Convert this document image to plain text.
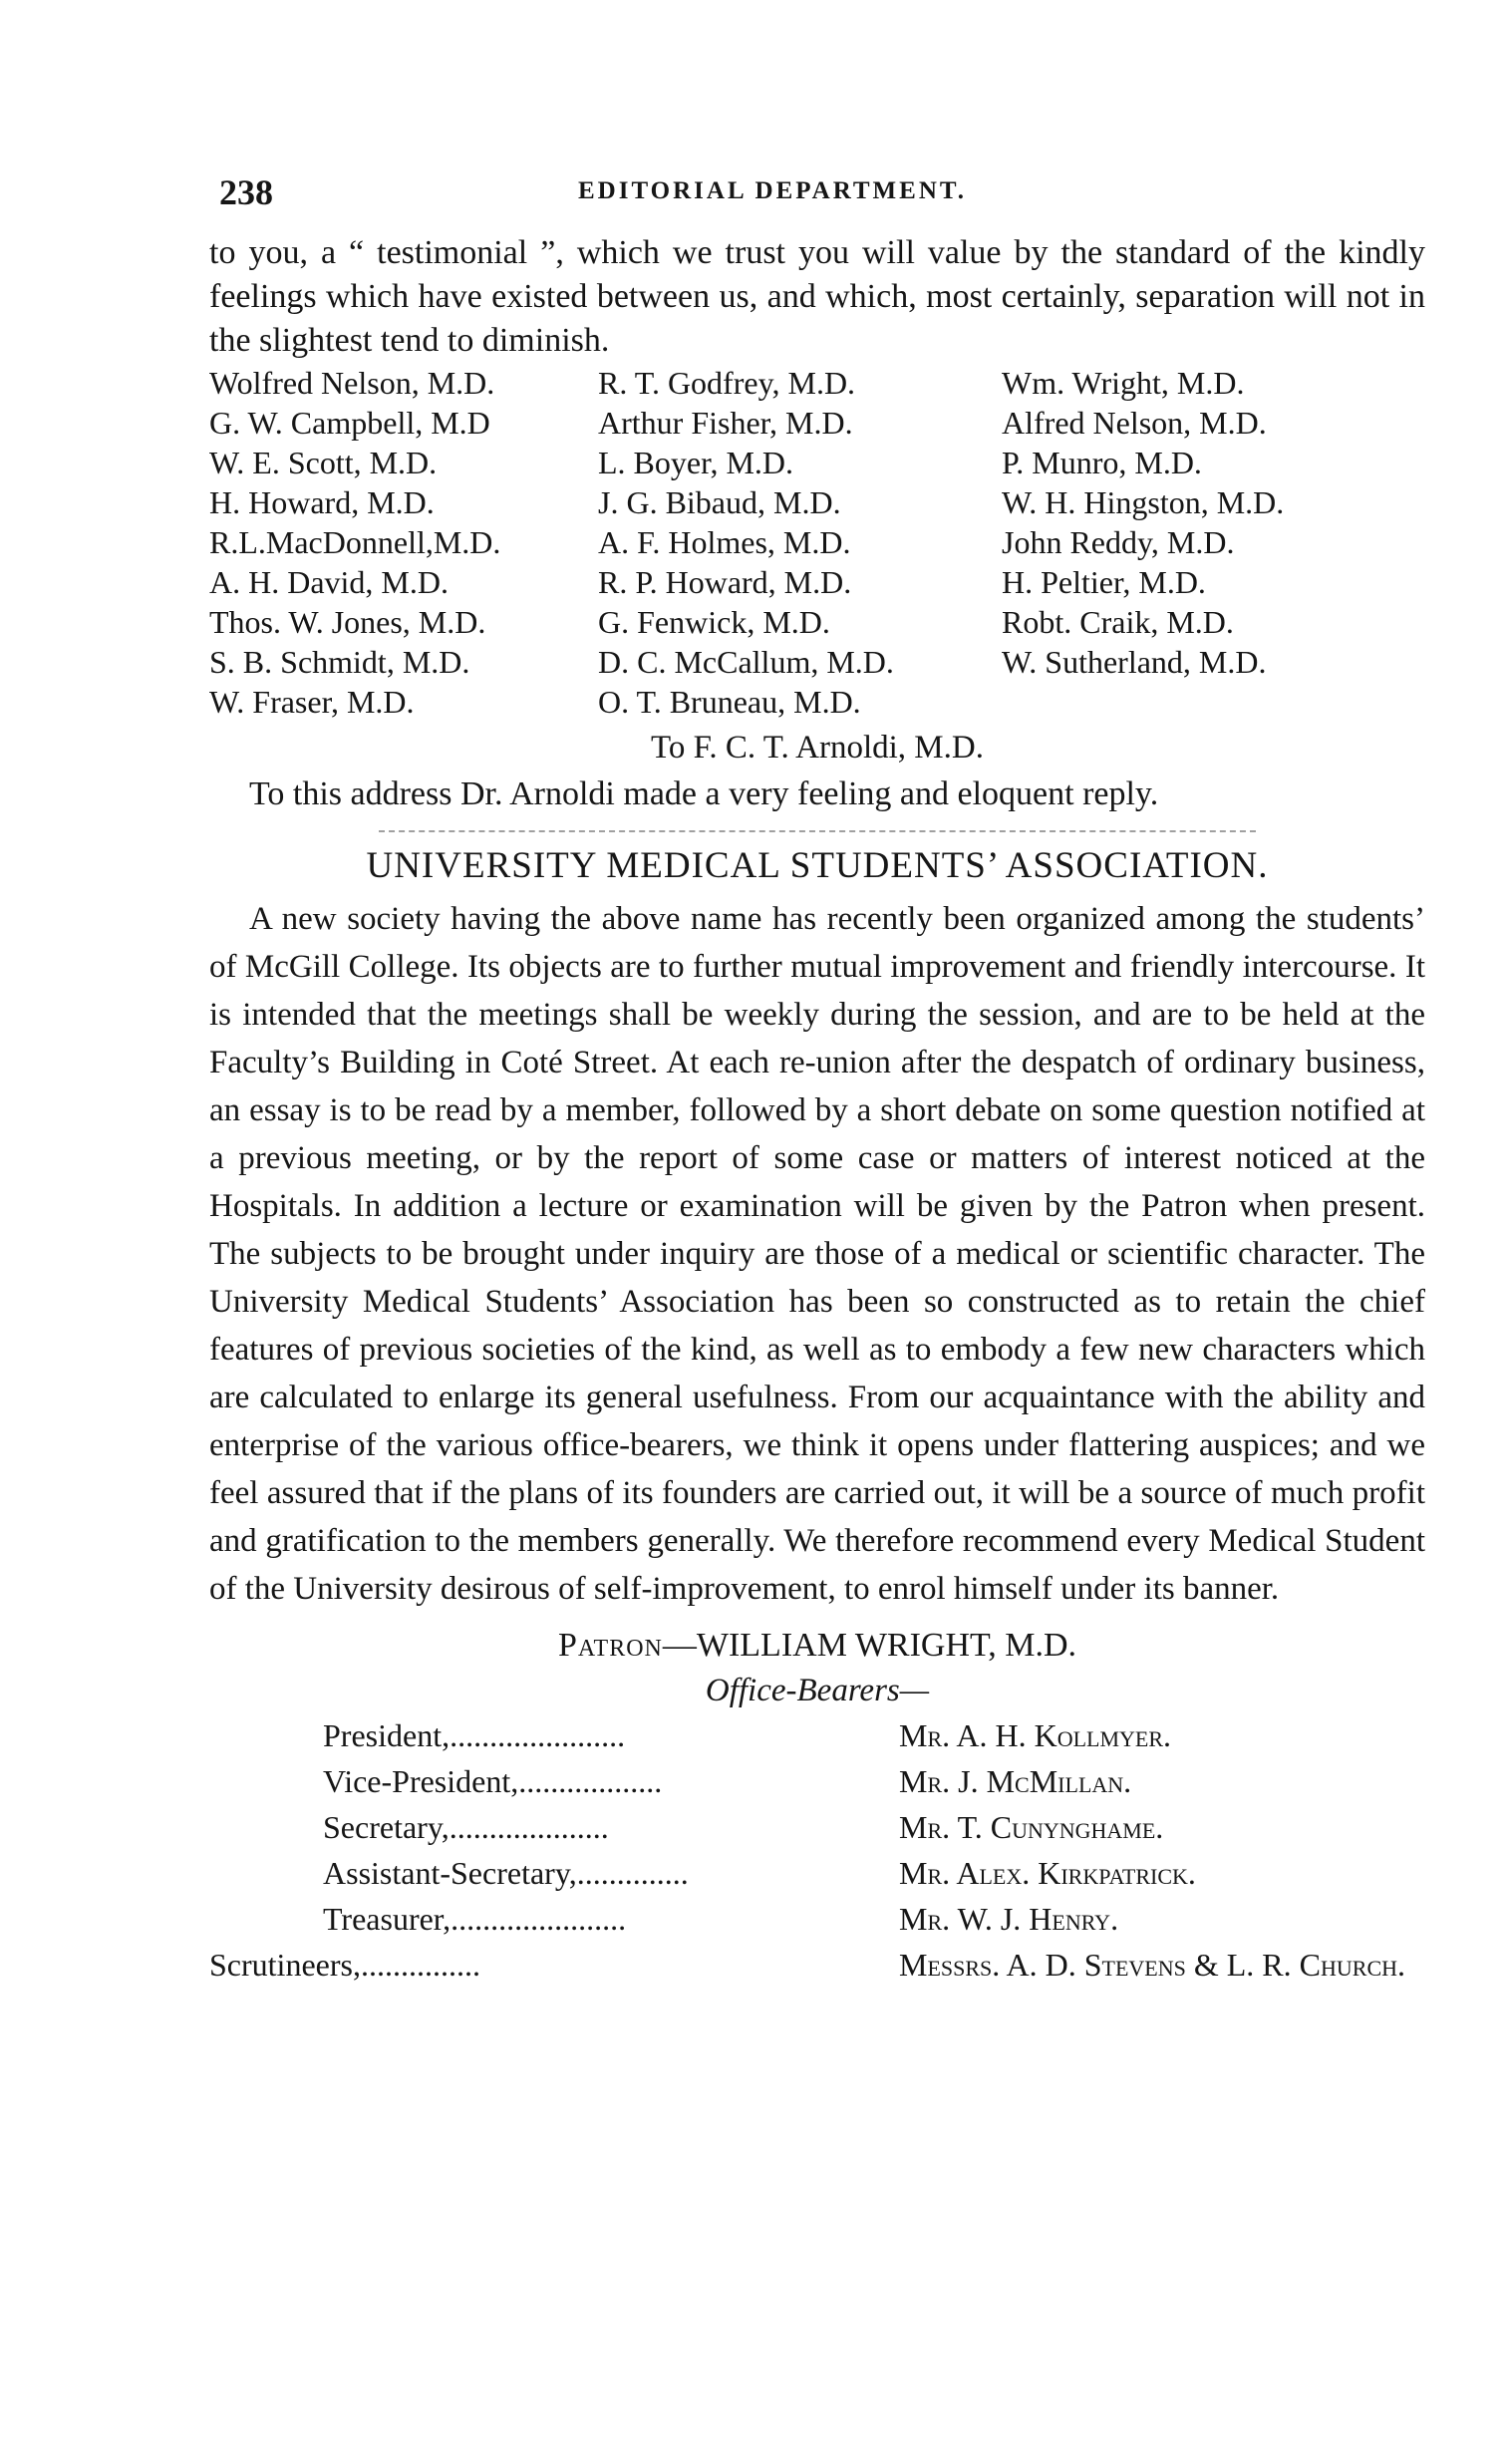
238	EDITORIAL DEPARTMENT.

to you, a “ testimonial ”, which we trust you will value by the standard of the kindly feelings which have existed between us, and which, most certainly, separation will not in the slightest tend to diminish.

Wolfred Nelson, M.D.	R. T. Godfrey, M.D.	Wm. Wright, M.D.
G. W. Campbell, M.D	Arthur Fisher, M.D.	Alfred Nelson, M.D.
W. E. Scott, M.D.	L. Boyer, M.D.	P. Munro, M.D.
H. Howard, M.D.	J. G. Bibaud, M.D.	W. H. Hingston, M.D.
R.L.MacDonnell,M.D.	A. F. Holmes, M.D.	John Reddy, M.D.
A. H. David, M.D.	R. P. Howard, M.D.	H. Peltier, M.D.
Thos. W. Jones, M.D.	G. Fenwick, M.D.	Robt. Craik, M.D.
S. B. Schmidt, M.D.	D. C. McCallum, M.D.	W. Sutherland, M.D.
W. Fraser, M.D.	O. T. Bruneau, M.D.	
To F. C. T. Arnoldi, M.D.

To this address Dr. Arnoldi made a very feeling and eloquent reply.

UNIVERSITY MEDICAL STUDENTS’ ASSOCIATION.

A new society having the above name has recently been organized among the students’ of McGill College. Its objects are to further mutual improvement and friendly intercourse. It is intended that the meetings shall be weekly during the session, and are to be held at the Faculty’s Building in Coté Street. At each re-union after the despatch of ordinary business, an essay is to be read by a member, followed by a short debate on some question notified at a previous meeting, or by the report of some case or matters of interest noticed at the Hospitals. In addition a lecture or examination will be given by the Patron when present. The subjects to be brought under inquiry are those of a medical or scientific character. The University Medical Students’ Association has been so constructed as to retain the chief features of previous societies of the kind, as well as to embody a few new characters which are calculated to enlarge its general usefulness. From our acquaintance with the ability and enterprise of the various office-bearers, we think it opens under flattering auspices; and we feel assured that if the plans of its founders are carried out, it will be a source of much profit and gratification to the members generally. We therefore recommend every Medical Student of the University desirous of self-improvement, to enrol himself under its banner.

Patron—WILLIAM WRIGHT, M.D.
Office-Bearers—
President,......................	Mr. A. H. Kollmyer.
Vice-President,..................	Mr. J. McMillan.
Secretary,....................	Mr. T. Cunynghame.
Assistant-Secretary,..............	Mr. Alex. Kirkpatrick.
Treasurer,......................	Mr. W. J. Henry.
Scrutineers,...............	Messrs. A. D. Stevens & L. R. Church.
